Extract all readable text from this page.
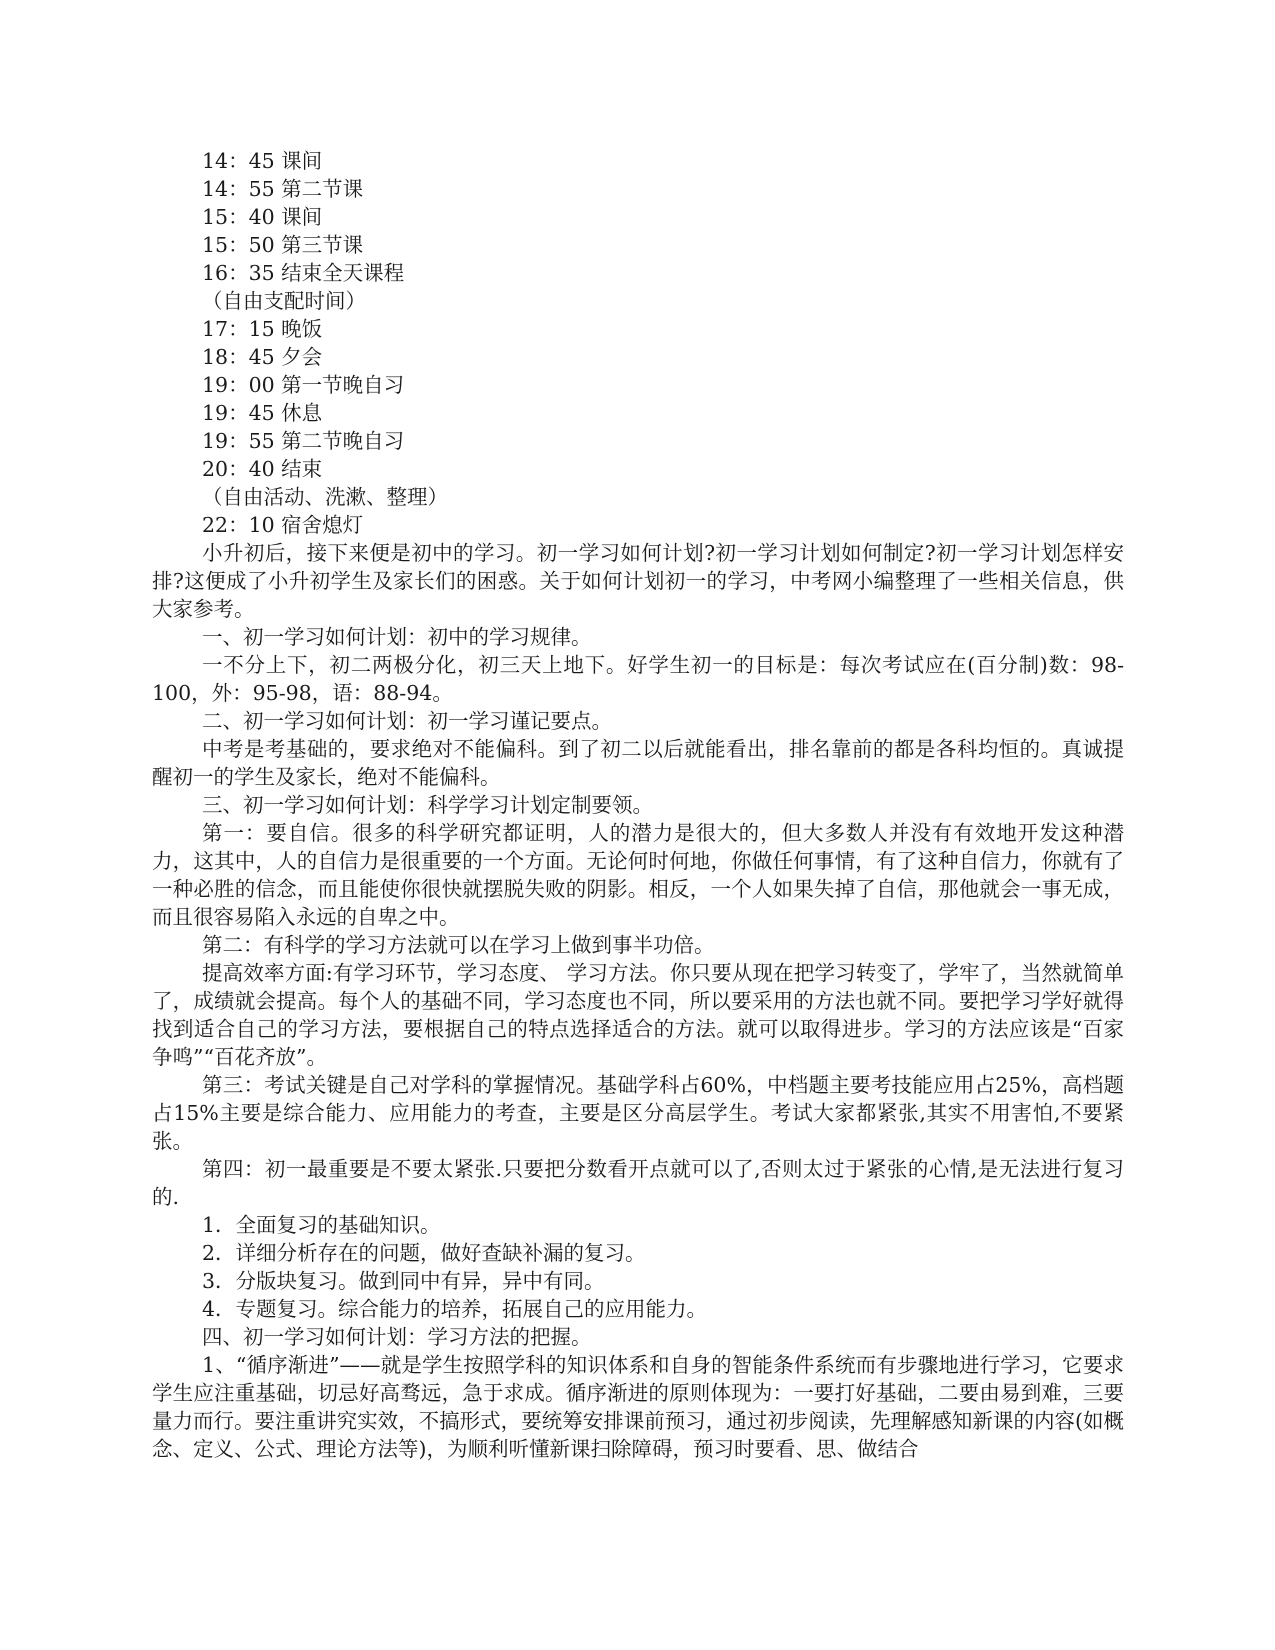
14：45 课间
14：55 第二节课
15：40 课间
15：50 第三节课
16：35 结束全天课程
（自由支配时间）
17：15 晚饭
18：45 夕会
19：00 第一节晚自习
19：45 休息
19：55 第二节晚自习
20：40 结束
（自由活动、洗漱、整理）
22：10 宿舍熄灯

小升初后，接下来便是初中的学习。初一学习如何计划?初一学习计划如何制定?初一学习计划怎样安排?这便成了小升初学生及家长们的困惑。关于如何计划初一的学习，中考网小编整理了一些相关信息，供大家参考。

一、初一学习如何计划：初中的学习规律。

一不分上下，初二两极分化，初三天上地下。好学生初一的目标是：每次考试应在(百分制)数：98-100，外：95-98，语：88-94。

二、初一学习如何计划：初一学习谨记要点。

中考是考基础的，要求绝对不能偏科。到了初二以后就能看出，排名靠前的都是各科均恒的。真诚提醒初一的学生及家长，绝对不能偏科。

三、初一学习如何计划：科学学习计划定制要领。

第一：要自信。很多的科学研究都证明，人的潜力是很大的，但大多数人并没有有效地开发这种潜力，这其中，人的自信力是很重要的一个方面。无论何时何地，你做任何事情，有了这种自信力，你就有了一种必胜的信念，而且能使你很快就摆脱失败的阴影。相反，一个人如果失掉了自信，那他就会一事无成，而且很容易陷入永远的自卑之中。

第二：有科学的学习方法就可以在学习上做到事半功倍。

提高效率方面:有学习环节，学习态度、 学习方法。你只要从现在把学习转变了，学牢了，当然就简单了，成绩就会提高。每个人的基础不同，学习态度也不同，所以要采用的方法也就不同。要把学习学好就得找到适合自己的学习方法，要根据自己的特点选择适合的方法。就可以取得进步。学习的方法应该是“百家争鸣”“百花齐放”。

第三：考试关键是自己对学科的掌握情况。基础学科占60%，中档题主要考技能应用占25%，高档题占15%主要是综合能力、应用能力的考查，主要是区分高层学生。考试大家都紧张,其实不用害怕,不要紧张。

第四：初一最重要是不要太紧张.只要把分数看开点就可以了,否则太过于紧张的心情,是无法进行复习的.

1．全面复习的基础知识。

2．详细分析存在的问题，做好查缺补漏的复习。

3．分版块复习。做到同中有异，异中有同。

4．专题复习。综合能力的培养，拓展自己的应用能力。

四、初一学习如何计划：学习方法的把握。

1、“循序渐进”——就是学生按照学科的知识体系和自身的智能条件系统而有步骤地进行学习，它要求学生应注重基础，切忌好高骛远，急于求成。循序渐进的原则体现为：一要打好基础，二要由易到难，三要量力而行。要注重讲究实效，不搞形式，要统筹安排课前预习，通过初步阅读，先理解感知新课的内容(如概念、定义、公式、理论方法等)，为顺利听懂新课扫除障碍，预习时要看、思、做结合
